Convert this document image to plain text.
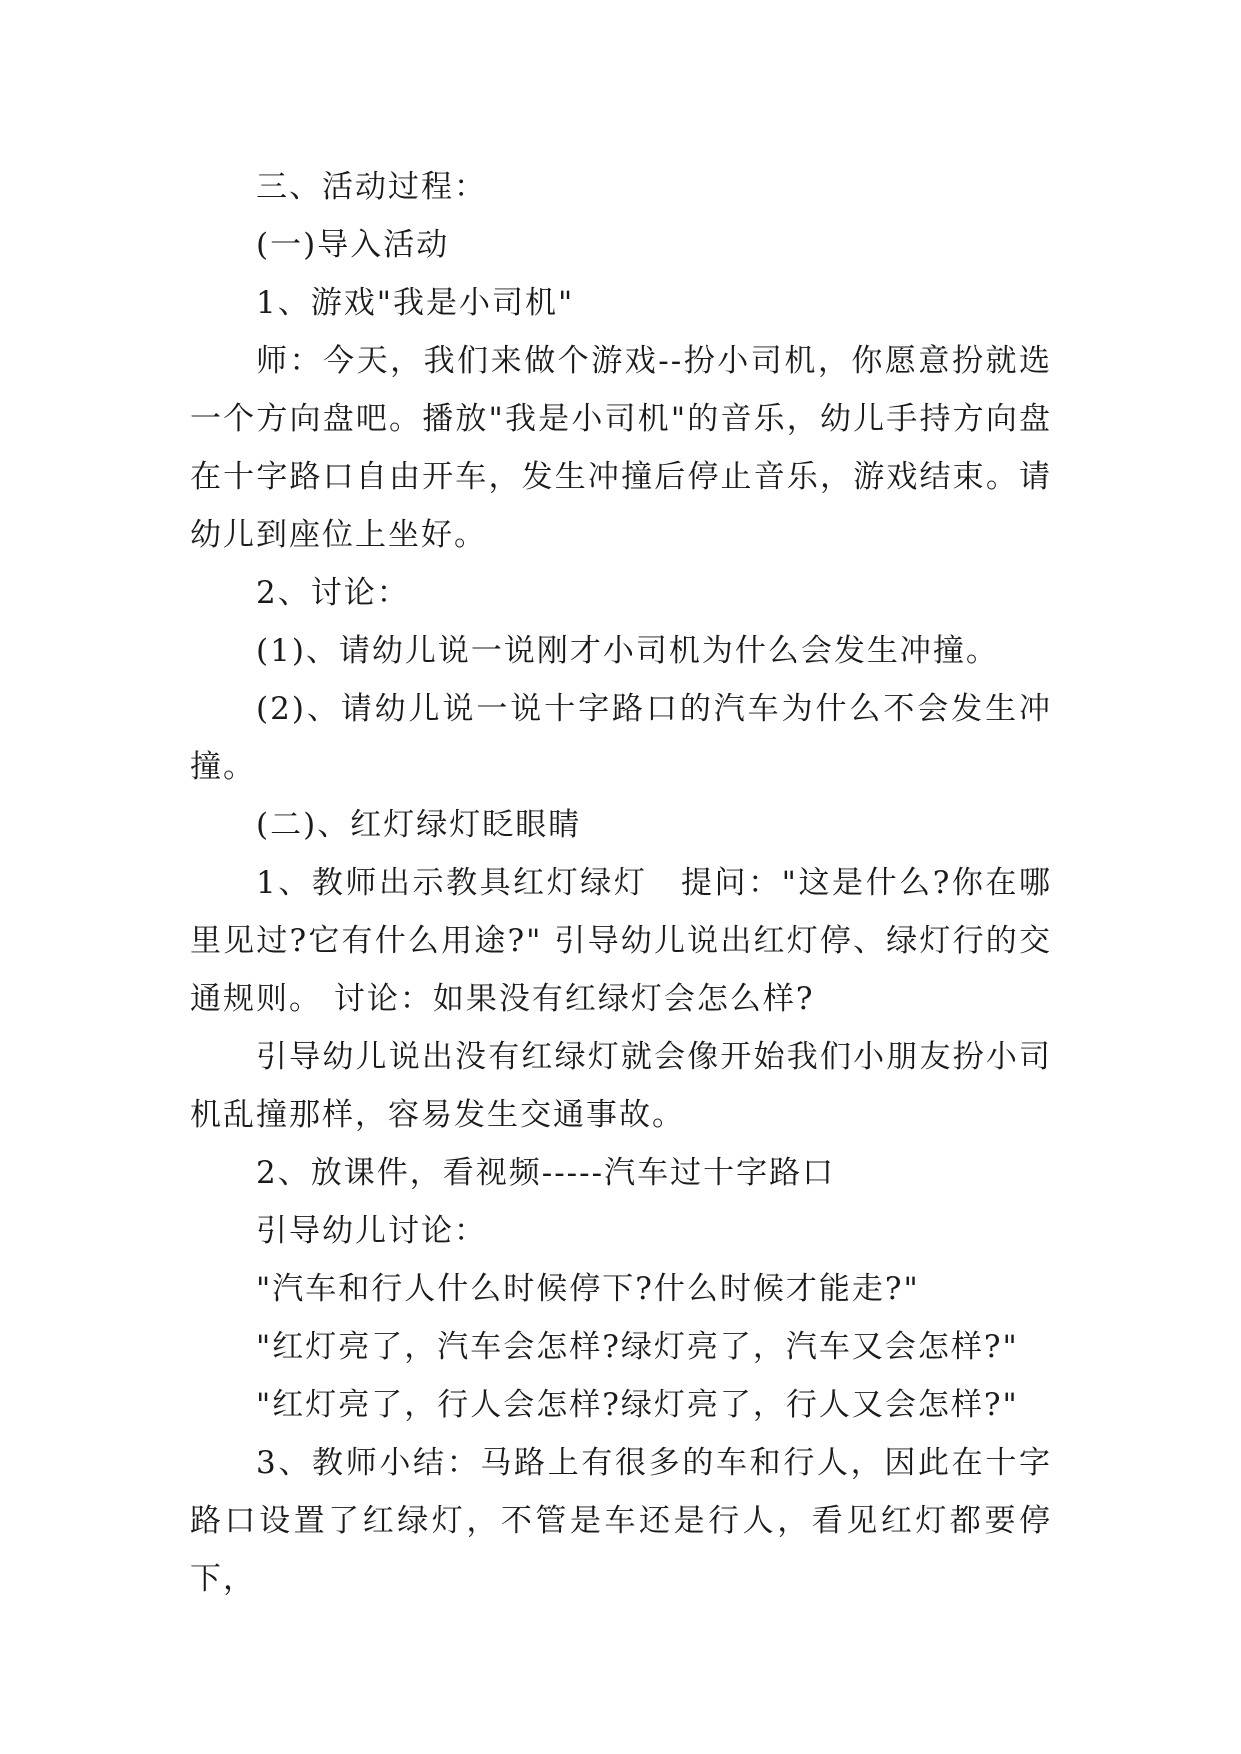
三、活动过程：

(一)导入活动

1、游戏"我是小司机"

师：今天，我们来做个游戏--扮小司机，你愿意扮就选一个方向盘吧。播放"我是小司机"的音乐，幼儿手持方向盘在十字路口自由开车，发生冲撞后停止音乐，游戏结束。请幼儿到座位上坐好。

2、讨论：

(1)、请幼儿说一说刚才小司机为什么会发生冲撞。

(2)、请幼儿说一说十字路口的汽车为什么不会发生冲撞。

(二)、红灯绿灯眨眼睛

1、教师出示教具红灯绿灯　提问："这是什么?你在哪里见过?它有什么用途?" 引导幼儿说出红灯停、绿灯行的交通规则。 讨论：如果没有红绿灯会怎么样?

引导幼儿说出没有红绿灯就会像开始我们小朋友扮小司机乱撞那样，容易发生交通事故。

2、放课件，看视频-----汽车过十字路口

引导幼儿讨论：

"汽车和行人什么时候停下?什么时候才能走?"

"红灯亮了，汽车会怎样?绿灯亮了，汽车又会怎样?"

"红灯亮了，行人会怎样?绿灯亮了，行人又会怎样?"

3、教师小结：马路上有很多的车和行人，因此在十字路口设置了红绿灯，不管是车还是行人，看见红灯都要停下，
